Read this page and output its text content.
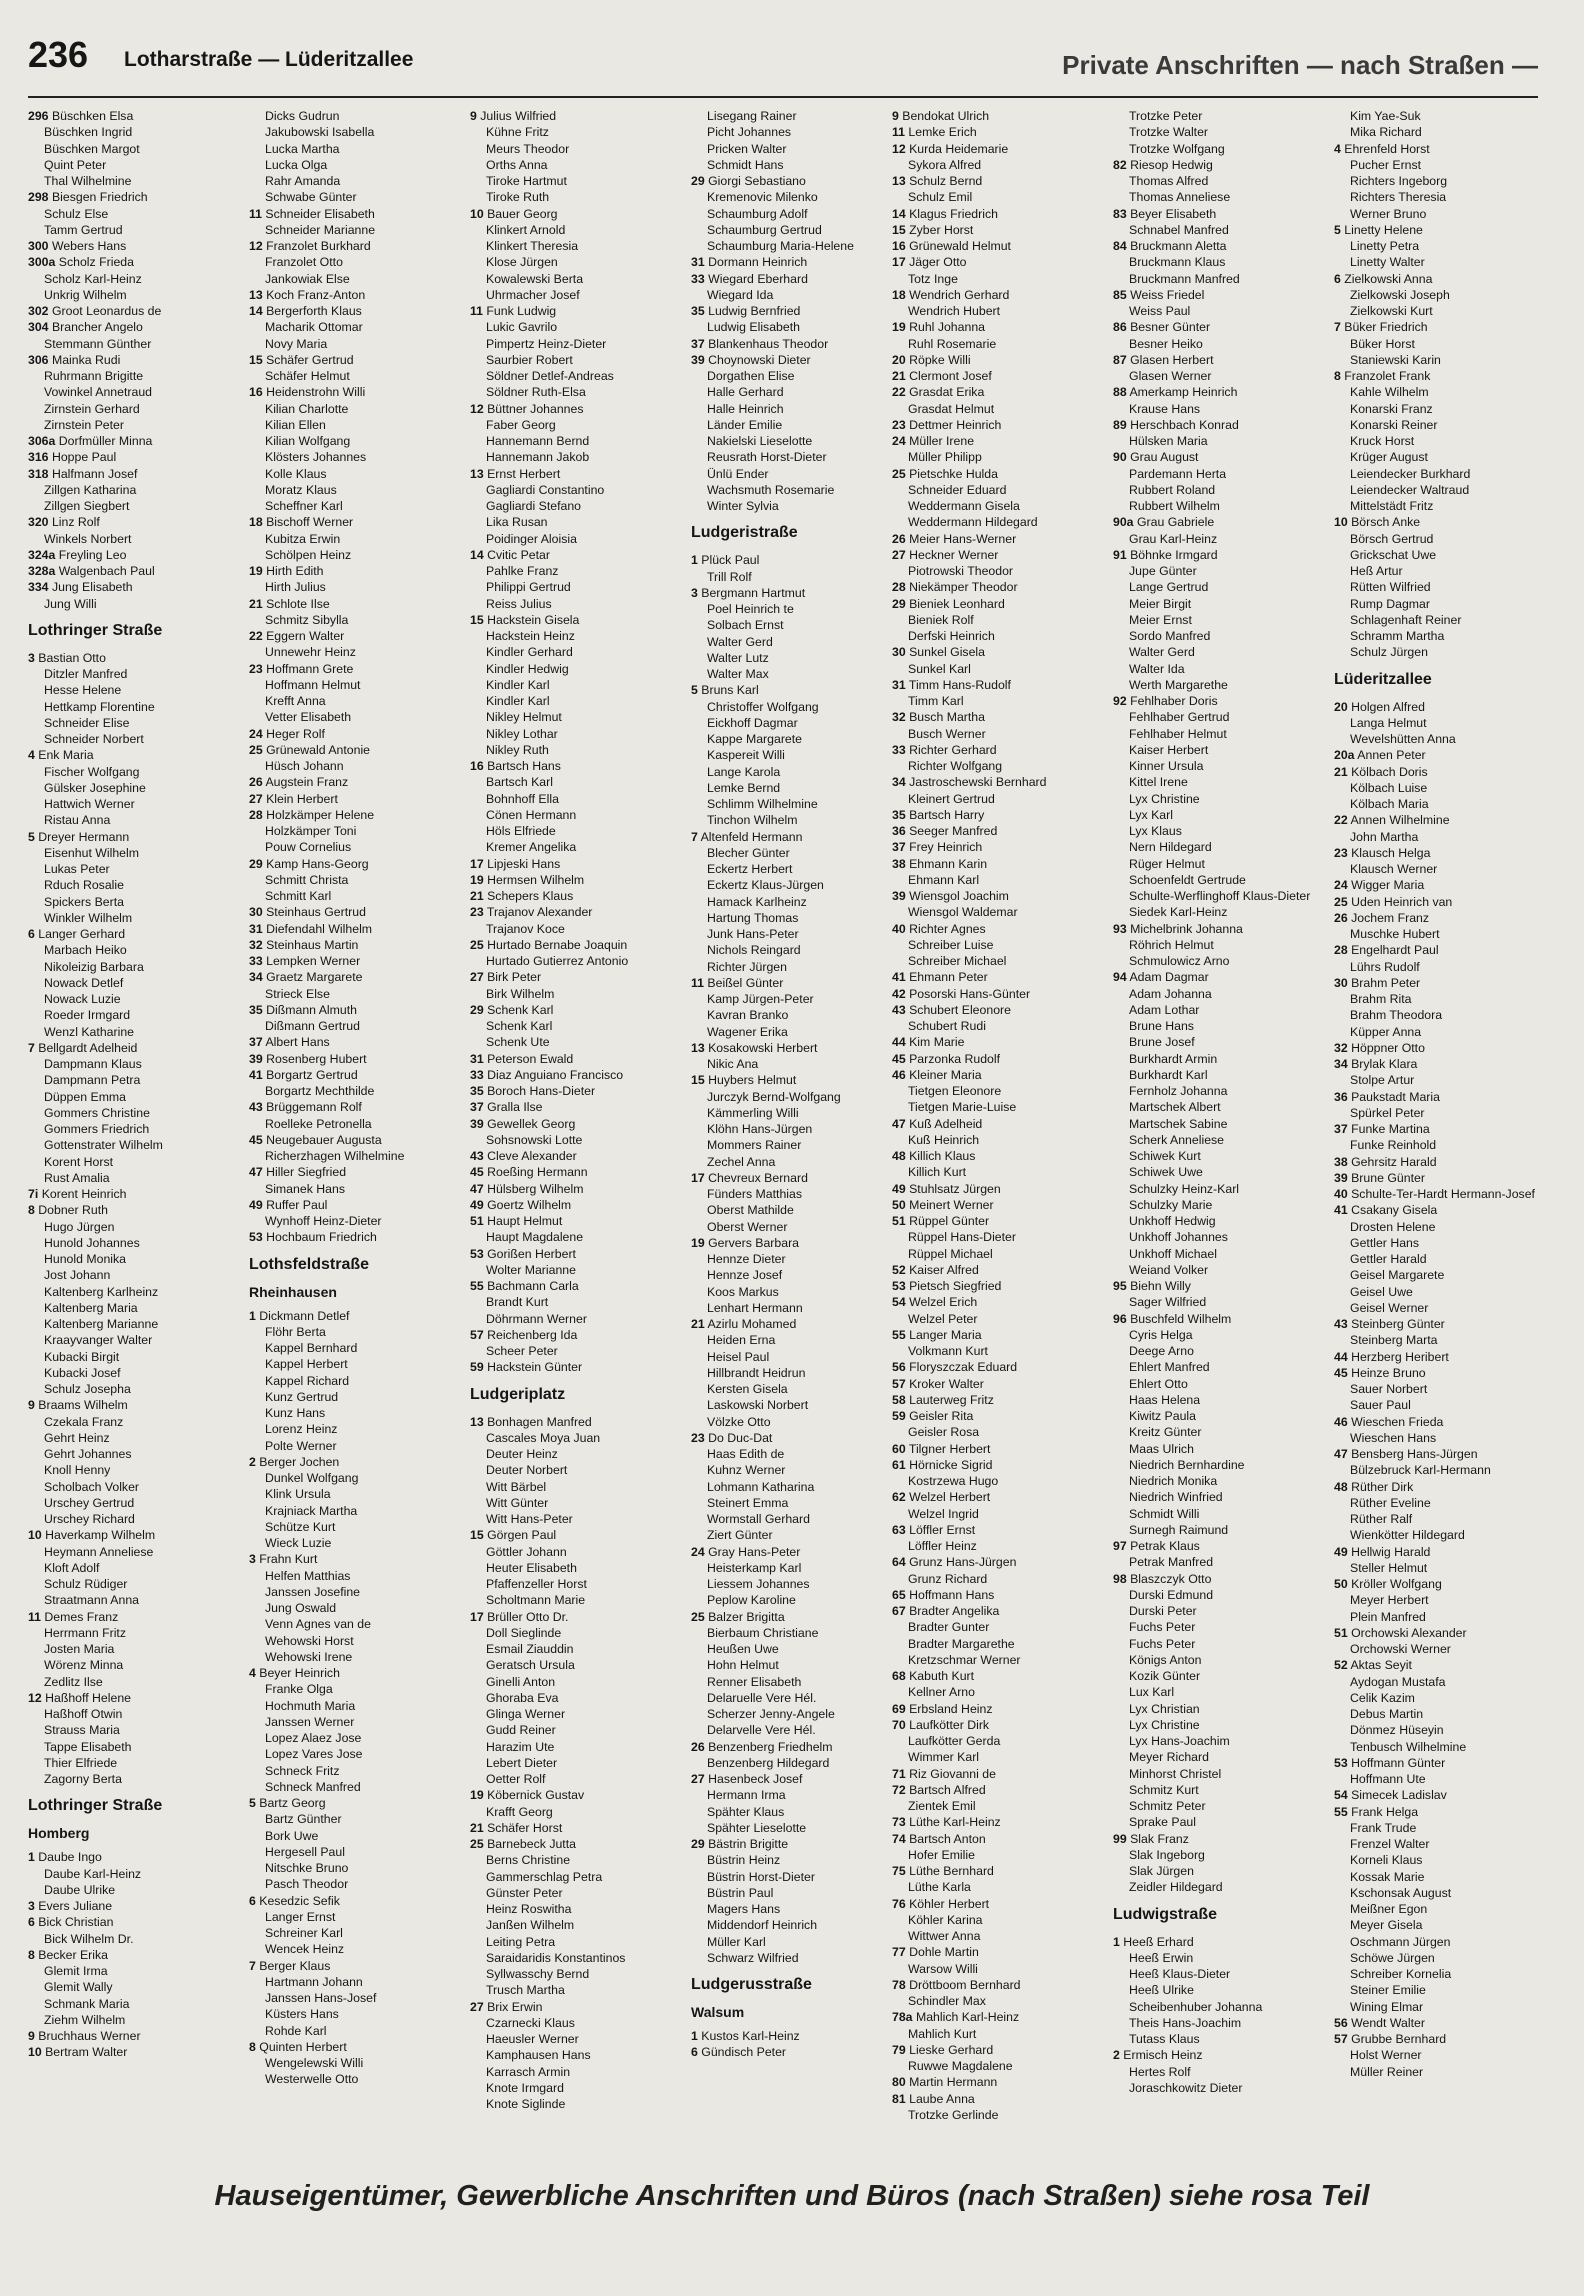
236 Lotharstraße — Lüderitzallee	Private Anschriften — nach Straßen —
296 Büschken Elsa
Büschken Ingrid
Büschken Margot
Quint Peter
Thal Wilhelmine
298 Biesgen Friedrich
Schulz Else
Tamm Gertrud
300 Webers Hans
300a Scholz Frieda
Scholz Karl-Heinz
Unkrig Wilhelm
302 Groot Leonardus de
304 Brancher Angelo
Stemmann Günther
306 Mainka Rudi
Ruhrmann Brigitte
Vowinkel Annetraud
Zirnstein Gerhard
Zirnstein Peter
306a Dorfmüller Minna
316 Hoppe Paul
318 Halfmann Josef
Zillgen Katharina
Zillgen Siegbert
320 Linz Rolf
Winkels Norbert
324a Freyling Leo
328a Walgenbach Paul
334 Jung Elisabeth
Jung Willi
Lothringer Straße
3 Bastian Otto
Ditzler Manfred
Hesse Helene
Hettkamp Florentine
Schneider Elise
Schneider Norbert
4 Enk Maria
Fischer Wolfgang
Gülsker Josephine
Hattwich Werner
Ristau Anna
5 Dreyer Hermann
Eisenhut Wilhelm
Lukas Peter
Rduch Rosalie
Spickers Berta
Winkler Wilhelm
6 Langer Gerhard
Marbach Heiko
Nikoleizig Barbara
Nowack Detlef
Nowack Luzie
Roeder Irmgard
Wenzl Katharine
7 Bellgardt Adelheid
Dampmann Klaus
Dampmann Petra
Düppen Emma
Gommers Christine
Gommers Friedrich
Gottenstrater Wilhelm
Korent Horst
Rust Amalia
7i Korent Heinrich
8 Dobner Ruth
Hugo Jürgen
Hunold Johannes
Hunold Monika
Jost Johann
Kaltenberg Karlheinz
Kaltenberg Maria
Kaltenberg Marianne
Kraayvanger Walter
Kubacki Birgit
Kubacki Josef
Schulz Josepha
9 Braams Wilhelm
Czekala Franz
Gehrt Heinz
Gehrt Johannes
Knoll Henny
Scholbach Volker
Urschey Gertrud
Urschey Richard
10 Haverkamp Wilhelm
Heymann Anneliese
Kloft Adolf
Schulz Rüdiger
Straatmann Anna
11 Demes Franz
Herrmann Fritz
Josten Maria
Wörenz Minna
Zedlitz Ilse
12 Haßhoff Helene
Haßhoff Otwin
Strauss Maria
Tappe Elisabeth
Thier Elfriede
Zagorny Berta
Lothringer Straße
Homberg
1 Daube Ingo
Daube Karl-Heinz
Daube Ulrike
3 Evers Juliane
6 Bick Christian
Bick Wilhelm Dr.
8 Becker Erika
Glemit Irma
Glemit Wally
Schmank Maria
Ziehm Wilhelm
9 Bruchhaus Werner
10 Bertram Walter
Dicks Gudrun
Jakubowski Isabella
Lucka Martha
Lucka Olga
Rahr Amanda
Schwabe Günter
11 Schneider Elisabeth
Schneider Marianne
12 Franzolet Burkhard
Franzolet Otto
Jankowiak Else
13 Koch Franz-Anton
14 Bergerforth Klaus
Macharik Ottomar
Novy Maria
15 Schäfer Gertrud
Schäfer Helmut
16 Heidenstrohn Willi
Kilian Charlotte
Kilian Ellen
Kilian Wolfgang
Klösters Johannes
Kolle Klaus
Moratz Klaus
Scheffner Karl
18 Bischoff Werner
Kubitza Erwin
Schölpen Heinz
19 Hirth Edith
Hirth Julius
21 Schlote Ilse
Schmitz Sibylla
22 Eggern Walter
Unnewehr Heinz
23 Hoffmann Grete
Hoffmann Helmut
Krefft Anna
Vetter Elisabeth
24 Heger Rolf
25 Grünewald Antonie
Hüsch Johann
26 Augstein Franz
27 Klein Herbert
28 Holzkämper Helene
Holzkämper Toni
Pouw Cornelius
29 Kamp Hans-Georg
Schmitt Christa
Schmitt Karl
30 Steinhaus Gertrud
31 Diefendahl Wilhelm
32 Steinhaus Martin
33 Lempken Werner
34 Graetz Margarete
Strieck Else
35 Dißmann Almuth
Dißmann Gertrud
37 Albert Hans
39 Rosenberg Hubert
41 Borgartz Gertrud
Borgartz Mechthilde
43 Brüggemann Rolf
Roelleke Petronella
45 Neugebauer Augusta
Richerzhagen Wilhelmine
47 Hiller Siegfried
Simanek Hans
49 Ruffer Paul
Wynhoff Heinz-Dieter
53 Hochbaum Friedrich
Lothsfeldstraße
Rheinhausen
1 Dickmann Detlef
Flöhr Berta
Kappel Bernhard
Kappel Herbert
Kappel Richard
Kunz Gertrud
Kunz Hans
Lorenz Heinz
Polte Werner
2 Berger Jochen
Dunkel Wolfgang
Klink Ursula
Krajniack Martha
Schütze Kurt
Wieck Luzie
3 Frahn Kurt
Helfen Matthias
Janssen Josefine
Jung Oswald
Venn Agnes van de
Wehowski Horst
Wehowski Irene
4 Beyer Heinrich
Franke Olga
Hochmuth Maria
Janssen Werner
Lopez Alaez Jose
Lopez Vares Jose
Schneck Fritz
Schneck Manfred
5 Bartz Georg
Bartz Günther
Bork Uwe
Hergesell Paul
Nitschke Bruno
Pasch Theodor
6 Kesedzic Sefik
Langer Ernst
Schreiner Karl
Wencek Heinz
7 Berger Klaus
Hartmann Johann
Janssen Hans-Josef
Küsters Hans
Rohde Karl
8 Quinten Herbert
Wengelewski Willi
Westerwelle Otto
9 Julius Wilfried
Kühne Fritz
Meurs Theodor
Orths Anna
Tiroke Hartmut
Tiroke Ruth
10 Bauer Georg
Klinkert Arnold
Klinkert Theresia
Klose Jürgen
Kowalewski Berta
Uhrmacher Josef
11 Funk Ludwig
Lukic Gavrilo
Pimpertz Heinz-Dieter
Saurbier Robert
Söldner Detlef-Andreas
Söldner Ruth-Elsa
12 Büttner Johannes
Faber Georg
Hannemann Bernd
Hannemann Jakob
13 Ernst Herbert
Gagliardi Constantino
Gagliardi Stefano
Lika Rusan
Poidinger Aloisia
14 Cvitic Petar
Pahlke Franz
Philippi Gertrud
Reiss Julius
15 Hackstein Gisela
Hackstein Heinz
Kindler Gerhard
Kindler Hedwig
Kindler Karl
Kindler Karl
Nikley Helmut
Nikley Lothar
Nikley Ruth
16 Bartsch Hans
Bartsch Karl
Bohnhoff Ella
Cönen Hermann
Höls Elfriede
Kremer Angelika
17 Lipjeski Hans
19 Hermsen Wilhelm
21 Schepers Klaus
23 Trajanov Alexander
Trajanov Koce
25 Hurtado Bernabe Joaquin
Hurtado Gutierrez Antonio
27 Birk Peter
Birk Wilhelm
29 Schenk Karl
Schenk Karl
Schenk Ute
31 Peterson Ewald
33 Diaz Anguiano Francisco
35 Boroch Hans-Dieter
37 Gralla Ilse
39 Gewellek Georg
Sohsnowski Lotte
43 Cleve Alexander
45 Roeßing Hermann
47 Hülsberg Wilhelm
49 Goertz Wilhelm
51 Haupt Helmut
Haupt Magdalene
53 Gorißen Herbert
Wolter Marianne
55 Bachmann Carla
Brandt Kurt
Döhrmann Werner
57 Reichenberg Ida
Scheer Peter
59 Hackstein Günter
Ludgeriplatz
13 Bonhagen Manfred
Cascales Moya Juan
Deuter Heinz
Deuter Norbert
Witt Bärbel
Witt Günter
Witt Hans-Peter
15 Görgen Paul
Göttler Johann
Heuter Elisabeth
Pfaffenzeller Horst
Scholtmann Marie
17 Brüller Otto Dr.
Doll Sieglinde
Esmail Ziauddin
Geratsch Ursula
Ginelli Anton
Ghoraba Eva
Glinga Werner
Gudd Reiner
Harazim Ute
Lebert Dieter
Oetter Rolf
19 Köbernick Gustav
Krafft Georg
21 Schäfer Horst
25 Barnebeck Jutta
Berns Christine
Gammerschlag Petra
Günster Peter
Heinz Roswitha
Janßen Wilhelm
Leiting Petra
Saraidaridis Konstantinos
Syllwasschy Bernd
Trusch Martha
27 Brix Erwin
Czarnecki Klaus
Haeusler Werner
Kamphausen Hans
Karrasch Armin
Knote Irmgard
Knote Siglinde
Lisegang Rainer
Picht Johannes
Pricken Walter
Schmidt Hans
29 Giorgi Sebastiano
Kremenovic Milenko
Schaumburg Adolf
Schaumburg Gertrud
Schaumburg Maria-Helene
31 Dormann Heinrich
33 Wiegard Eberhard
Wiegard Ida
35 Ludwig Bernfried
Ludwig Elisabeth
37 Blankenhaus Theodor
39 Choynowski Dieter
Dorgathen Elise
Halle Gerhard
Halle Heinrich
Länder Emilie
Nakielski Lieselotte
Reusrath Horst-Dieter
Ünlü Ender
Wachsmuth Rosemarie
Winter Sylvia
Ludgeristraße
1 Plück Paul
Trill Rolf
3 Bergmann Hartmut
Poel Heinrich te
Solbach Ernst
Walter Gerd
Walter Lutz
Walter Max
5 Bruns Karl
Christoffer Wolfgang
Eickhoff Dagmar
Kappe Margarete
Kaspereit Willi
Lange Karola
Lemke Bernd
Schlimm Wilhelmine
Tinchon Wilhelm
7 Altenfeld Hermann
Blecher Günter
Eckertz Herbert
Eckertz Klaus-Jürgen
Hamack Karlheinz
Hartung Thomas
Junk Hans-Peter
Nichols Reingard
Richter Jürgen
11 Beißel Günter
Kamp Jürgen-Peter
Kavran Branko
Wagener Erika
13 Kosakowski Herbert
Nikic Ana
15 Huybers Helmut
Jurczyk Bernd-Wolfgang
Kämmerling Willi
Klöhn Hans-Jürgen
Mommers Rainer
Zechel Anna
17 Chevreux Bernard
Fünders Matthias
Oberst Mathilde
Oberst Werner
19 Gervers Barbara
Hennze Dieter
Hennze Josef
Koos Markus
Lenhart Hermann
21 Azirlu Mohamed
Heiden Erna
Heisel Paul
Hillbrandt Heidrun
Kersten Gisela
Laskowski Norbert
Völzke Otto
23 Do Duc-Dat
Haas Edith de
Kuhnz Werner
Lohmann Katharina
Steinert Emma
Wormstall Gerhard
Ziert Günter
24 Gray Hans-Peter
Heisterkamp Karl
Liessem Johannes
Peplow Karoline
25 Balzer Brigitta
Bierbaum Christiane
Heußen Uwe
Hohn Helmut
Renner Elisabeth
Delaruelle Vere Hél.
Scherzer Jenny-Angele
Delarvelle Vere Hél.
26 Benzenberg Friedhelm
Benzenberg Hildegard
27 Hasenbeck Josef
Hermann Irma
Spähter Klaus
Spähter Lieselotte
29 Bästrin Brigitte
Büstrin Heinz
Büstrin Horst-Dieter
Büstrin Paul
Magers Hans
Middendorf Heinrich
Müller Karl
Schwarz Wilfried
Ludgerusstraße
Walsum
1 Kustos Karl-Heinz
6 Gündisch Peter
9 Bendokat Ulrich
11 Lemke Erich
12 Kurda Heidemarie
Sykora Alfred
13 Schulz Bernd
Schulz Emil
14 Klagus Friedrich
15 Zyber Horst
16 Grünewald Helmut
17 Jäger Otto
Totz Inge
18 Wendrich Gerhard
Wendrich Hubert
19 Ruhl Johanna
Ruhl Rosemarie
20 Röpke Willi
21 Clermont Josef
22 Grasdat Erika
Grasdat Helmut
23 Dettmer Heinrich
24 Müller Irene
Müller Philipp
25 Pietschke Hulda
Schneider Eduard
Weddermann Gisela
Weddermann Hildegard
26 Meier Hans-Werner
27 Heckner Werner
Piotrowski Theodor
28 Niekämper Theodor
29 Bieniek Leonhard
Bieniek Rolf
Derfski Heinrich
30 Sunkel Gisela
Sunkel Karl
31 Timm Hans-Rudolf
Timm Karl
32 Busch Martha
Busch Werner
33 Richter Gerhard
Richter Wolfgang
34 Jastroschewski Bernhard
Kleinert Gertrud
35 Bartsch Harry
36 Seeger Manfred
37 Frey Heinrich
38 Ehmann Karin
Ehmann Karl
39 Wiensgol Joachim
Wiensgol Waldemar
40 Richter Agnes
Schreiber Luise
Schreiber Michael
41 Ehmann Peter
42 Posorski Hans-Günter
43 Schubert Eleonore
Schubert Rudi
44 Kim Marie
45 Parzonka Rudolf
46 Kleiner Maria
Tietgen Eleonore
Tietgen Marie-Luise
47 Kuß Adelheid
Kuß Heinrich
48 Killich Klaus
Killich Kurt
49 Stuhlsatz Jürgen
50 Meinert Werner
51 Rüppel Günter
Rüppel Hans-Dieter
Rüppel Michael
52 Kaiser Alfred
53 Pietsch Siegfried
54 Welzel Erich
Welzel Peter
55 Langer Maria
Volkmann Kurt
56 Floryszczak Eduard
57 Kroker Walter
58 Lauterweg Fritz
59 Geisler Rita
Geisler Rosa
60 Tilgner Herbert
61 Hörnicke Sigrid
Kostrzewa Hugo
62 Welzel Herbert
Welzel Ingrid
63 Löffler Ernst
Löffler Heinz
64 Grunz Hans-Jürgen
Grunz Richard
65 Hoffmann Hans
67 Bradter Angelika
Bradter Gunter
Bradter Margarethe
Kretzschmar Werner
68 Kabuth Kurt
Kellner Arno
69 Erbsland Heinz
70 Laufkötter Dirk
Laufkötter Gerda
Wimmer Karl
71 Riz Giovanni de
72 Bartsch Alfred
Zientek Emil
73 Lüthe Karl-Heinz
74 Bartsch Anton
Hofer Emilie
75 Lüthe Bernhard
Lüthe Karla
76 Köhler Herbert
Köhler Karina
Wittwer Anna
77 Dohle Martin
Warsow Willi
78 Dröttboom Bernhard
Schindler Max
78a Mahlich Karl-Heinz
Mahlich Kurt
79 Lieske Gerhard
Ruwwe Magdalene
80 Martin Hermann
81 Laube Anna
Trotzke Gerlinde
Trotzke Peter
Trotzke Walter
Trotzke Wolfgang
82 Riesop Hedwig
Thomas Alfred
Thomas Anneliese
83 Beyer Elisabeth
Schnabel Manfred
84 Bruckmann Aletta
Bruckmann Klaus
Bruckmann Manfred
85 Weiss Friedel
Weiss Paul
86 Besner Günter
Besner Heiko
87 Glasen Herbert
Glasen Werner
88 Amerkamp Heinrich
Krause Hans
89 Herschbach Konrad
Hülsken Maria
90 Grau August
Pardemann Herta
Rubbert Roland
Rubbert Wilhelm
90a Grau Gabriele
Grau Karl-Heinz
91 Böhnke Irmgard
Jupe Günter
Lange Gertrud
Meier Birgit
Meier Ernst
Sordo Manfred
Walter Gerd
Walter Ida
Werth Margarethe
92 Fehlhaber Doris
Fehlhaber Gertrud
Fehlhaber Helmut
Kaiser Herbert
Kinner Ursula
Kittel Irene
Lyx Christine
Lyx Karl
Lyx Klaus
Nern Hildegard
Rüger Helmut
Schoenfeldt Gertrude
Schulte-Werflinghoff Klaus-Dieter
Siedek Karl-Heinz
93 Michelbrink Johanna
Röhrich Helmut
Schmulowicz Arno
94 Adam Dagmar
Adam Johanna
Adam Lothar
Brune Hans
Brune Josef
Burkhardt Armin
Burkhardt Karl
Fernholz Johanna
Martschek Albert
Martschek Sabine
Scherk Anneliese
Schiwek Kurt
Schiwek Uwe
Schulzky Heinz-Karl
Schulzky Marie
Unkhoff Hedwig
Unkhoff Johannes
Unkhoff Michael
Weiand Volker
95 Biehn Willy
Sager Wilfried
96 Buschfeld Wilhelm
Cyris Helga
Deege Arno
Ehlert Manfred
Ehlert Otto
Haas Helena
Kiwitz Paula
Kreitz Günter
Maas Ulrich
Niedrich Bernhardine
Niedrich Monika
Niedrich Winfried
Schmidt Willi
Surnegh Raimund
97 Petrak Klaus
Petrak Manfred
98 Blaszczyk Otto
Durski Edmund
Durski Peter
Fuchs Peter
Fuchs Peter
Königs Anton
Kozik Günter
Lux Karl
Lyx Christian
Lyx Christine
Lyx Hans-Joachim
Meyer Richard
Minhorst Christel
Schmitz Kurt
Schmitz Peter
Sprake Paul
99 Slak Franz
Slak Ingeborg
Slak Jürgen
Zeidler Hildegard
Ludwigstraße
1 Heeß Erhard
Heeß Erwin
Heeß Klaus-Dieter
Heeß Ulrike
Scheibenhuber Johanna
Theis Hans-Joachim
Tutass Klaus
2 Ermisch Heinz
Hertes Rolf
Joraschkowitz Dieter
Kim Yae-Suk
Mika Richard
4 Ehrenfeld Horst
Pucher Ernst
Richters Ingeborg
Richters Theresia
Werner Bruno
5 Linetty Helene
Linetty Petra
Linetty Walter
6 Zielkowski Anna
Zielkowski Joseph
Zielkowski Kurt
7 Büker Friedrich
Büker Horst
Staniewski Karin
8 Franzolet Frank
Kahle Wilhelm
Konarski Franz
Konarski Reiner
Kruck Horst
Krüger August
Leiendecker Burkhard
Leiendecker Waltraud
Mittelstädt Fritz
10 Börsch Anke
Börsch Gertrud
Grickschat Uwe
Heß Artur
Rütten Wilfried
Rump Dagmar
Schlagenhaft Reiner
Schramm Martha
Schulz Jürgen
Lüderitzallee
20 Holgen Alfred
Langa Helmut
Wevelshütten Anna
20a Annen Peter
21 Kölbach Doris
Kölbach Luise
Kölbach Maria
22 Annen Wilhelmine
John Martha
23 Klausch Helga
Klausch Werner
24 Wigger Maria
25 Uden Heinrich van
26 Jochem Franz
Muschke Hubert
28 Engelhardt Paul
Lührs Rudolf
30 Brahm Peter
Brahm Rita
Brahm Theodora
Küpper Anna
32 Höppner Otto
34 Brylak Klara
Stolpe Artur
36 Paukstadt Maria
Spürkel Peter
37 Funke Martina
Funke Reinhold
38 Gehrsitz Harald
39 Brune Günter
40 Schulte-Ter-Hardt Hermann-Josef
41 Csakany Gisela
Drosten Helene
Gettler Hans
Gettler Harald
Geisel Margarete
Geisel Uwe
Geisel Werner
43 Steinberg Günter
Steinberg Marta
44 Herzberg Heribert
45 Heinze Bruno
Sauer Norbert
Sauer Paul
46 Wieschen Frieda
Wieschen Hans
47 Bensberg Hans-Jürgen
Bülzebruck Karl-Hermann
48 Rüther Dirk
Rüther Eveline
Rüther Ralf
Wienkötter Hildegard
49 Hellwig Harald
Steller Helmut
50 Kröller Wolfgang
Meyer Herbert
Plein Manfred
51 Orchowski Alexander
Orchowski Werner
52 Aktas Seyit
Aydogan Mustafa
Celik Kazim
Debus Martin
Dönmez Hüseyin
Tenbusch Wilhelmine
53 Hoffmann Günter
Hoffmann Ute
54 Simecek Ladislav
55 Frank Helga
Frank Trude
Frenzel Walter
Korneli Klaus
Kossak Marie
Kschonsak August
Meißner Egon
Meyer Gisela
Oschmann Jürgen
Schöwe Jürgen
Schreiber Kornelia
Steiner Emilie
Wining Elmar
56 Wendt Walter
57 Grubbe Bernhard
Holst Werner
Müller Reiner
Hauseigentümer, Gewerbliche Anschriften und Büros (nach Straßen) siehe rosa Teil
